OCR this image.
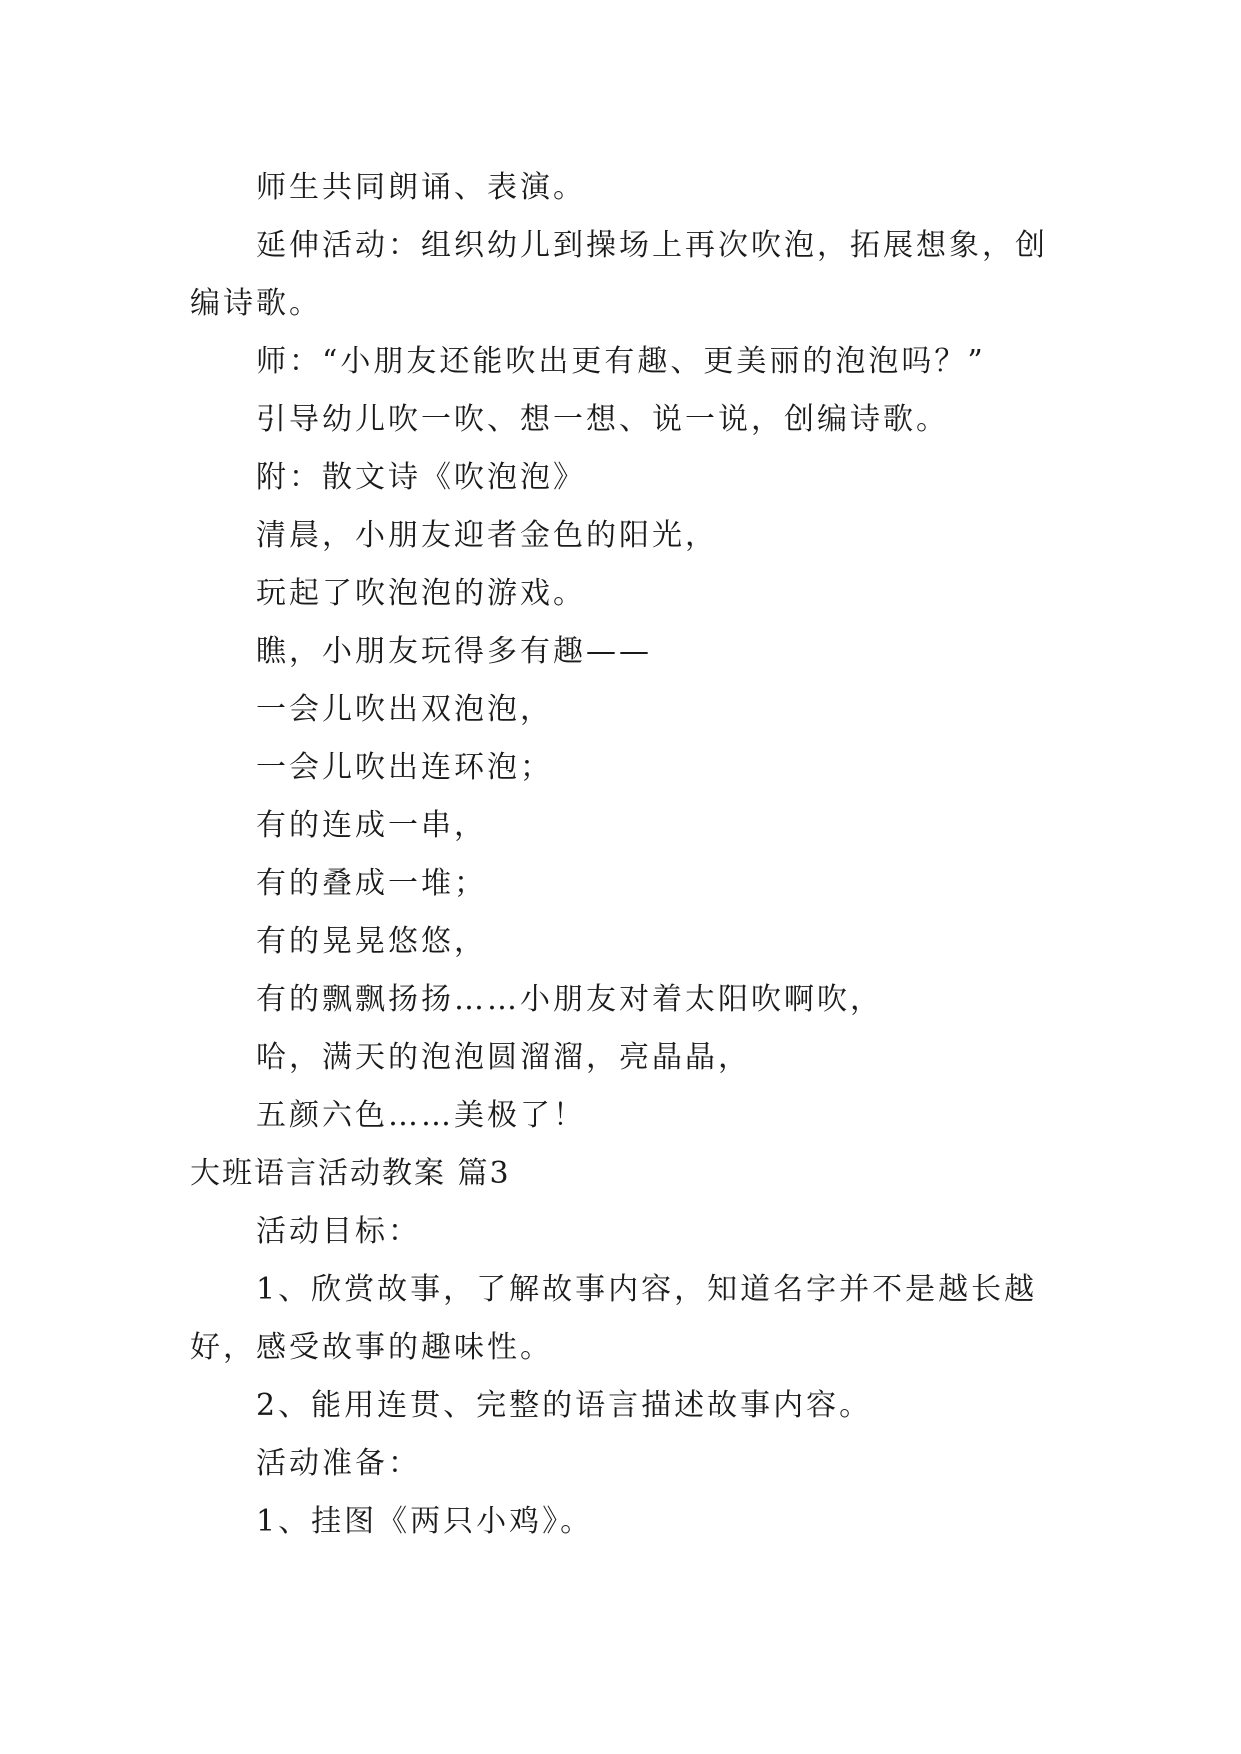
师生共同朗诵、表演。
延伸活动：组织幼儿到操场上再次吹泡，拓展想象，创
编诗歌。
师：“小朋友还能吹出更有趣、更美丽的泡泡吗？”
引导幼儿吹一吹、想一想、说一说，创编诗歌。
附：散文诗《吹泡泡》
清晨，小朋友迎者金色的阳光，
玩起了吹泡泡的游戏。
瞧，小朋友玩得多有趣——
一会儿吹出双泡泡，
一会儿吹出连环泡；
有的连成一串，
有的叠成一堆；
有的晃晃悠悠，
有的飘飘扬扬……小朋友对着太阳吹啊吹，
哈，满天的泡泡圆溜溜，亮晶晶，
五颜六色……美极了！
大班语言活动教案 篇3
活动目标：
1、欣赏故事，了解故事内容，知道名字并不是越长越
好，感受故事的趣味性。
2、能用连贯、完整的语言描述故事内容。
活动准备：
1、挂图《两只小鸡》。
